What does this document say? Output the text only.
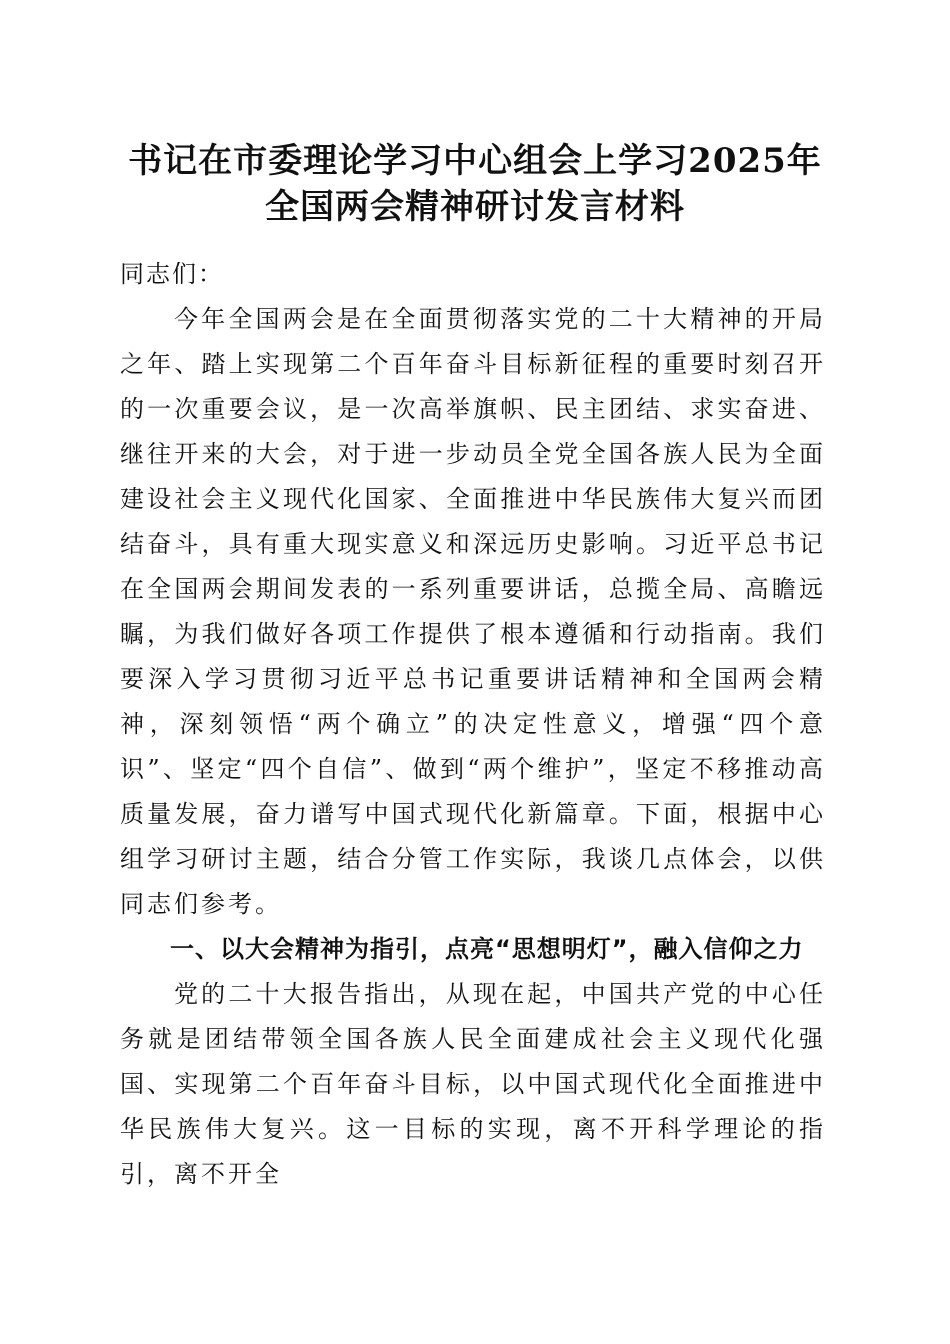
书记在市委理论学习中心组会上学习2025年
全国两会精神研讨发言材料

同志们：

今年全国两会是在全面贯彻落实党的二十大精神的开局之年、踏上实现第二个百年奋斗目标新征程的重要时刻召开的一次重要会议，是一次高举旗帜、民主团结、求实奋进、继往开来的大会，对于进一步动员全党全国各族人民为全面建设社会主义现代化国家、全面推进中华民族伟大复兴而团结奋斗，具有重大现实意义和深远历史影响。习近平总书记在全国两会期间发表的一系列重要讲话，总揽全局、高瞻远瞩，为我们做好各项工作提供了根本遵循和行动指南。我们要深入学习贯彻习近平总书记重要讲话精神和全国两会精神，深刻领悟“两个确立”的决定性意义，增强“四个意识”、坚定“四个自信”、做到“两个维护”，坚定不移推动高质量发展，奋力谱写中国式现代化新篇章。下面，根据中心组学习研讨主题，结合分管工作实际，我谈几点体会，以供同志们参考。

一、以大会精神为指引，点亮“思想明灯”，融入信仰之力

党的二十大报告指出，从现在起，中国共产党的中心任务就是团结带领全国各族人民全面建成社会主义现代化强国、实现第二个百年奋斗目标，以中国式现代化全面推进中华民族伟大复兴。这一目标的实现，离不开科学理论的指引，离不开全
